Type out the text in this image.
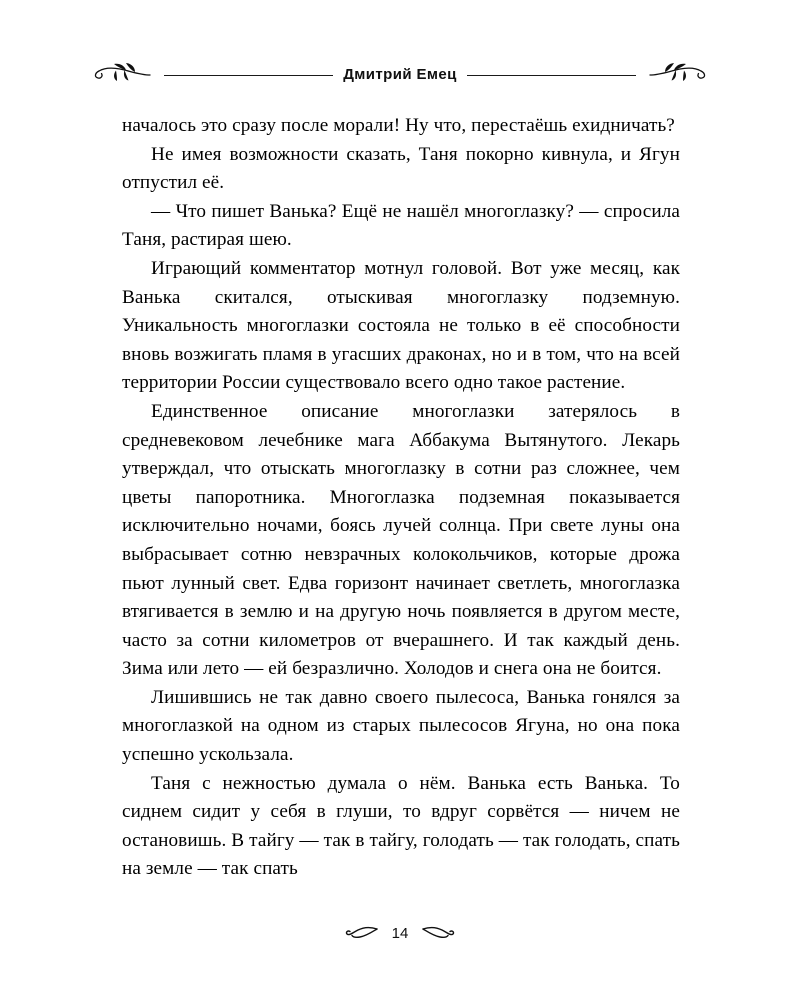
Дмитрий Емец

началось это сразу после морали! Ну что, перестаёшь ехидничать?

Не имея возможности сказать, Таня покорно кивнула, и Ягун отпустил её.

— Что пишет Ванька? Ещё не нашёл многоглазку? — спросила Таня, растирая шею.

Играющий комментатор мотнул головой. Вот уже месяц, как Ванька скитался, отыскивая многоглазку подземную. Уникальность многоглазки состояла не только в её способности вновь возжигать пламя в угасших драконах, но и в том, что на всей территории России существовало всего одно такое растение.

Единственное описание многоглазки затерялось в средневековом лечебнике мага Аббакума Вытянутого. Лекарь утверждал, что отыскать многоглазку в сотни раз сложнее, чем цветы папоротника. Многоглазка подземная показывается исключительно ночами, боясь лучей солнца. При свете луны она выбрасывает сотню невзрачных колокольчиков, которые дрожа пьют лунный свет. Едва горизонт начинает светлеть, многоглазка втягивается в землю и на другую ночь появляется в другом месте, часто за сотни километров от вчерашнего. И так каждый день. Зима или лето — ей безразлично. Холодов и снега она не боится.

Лишившись не так давно своего пылесоса, Ванька гонялся за многоглазкой на одном из старых пылесосов Ягуна, но она пока успешно ускользала.

Таня с нежностью думала о нём. Ванька есть Ванька. То сиднем сидит у себя в глуши, то вдруг сорвётся — ничем не остановишь. В тайгу — так в тайгу, голодать — так голодать, спать на земле — так спать

14
